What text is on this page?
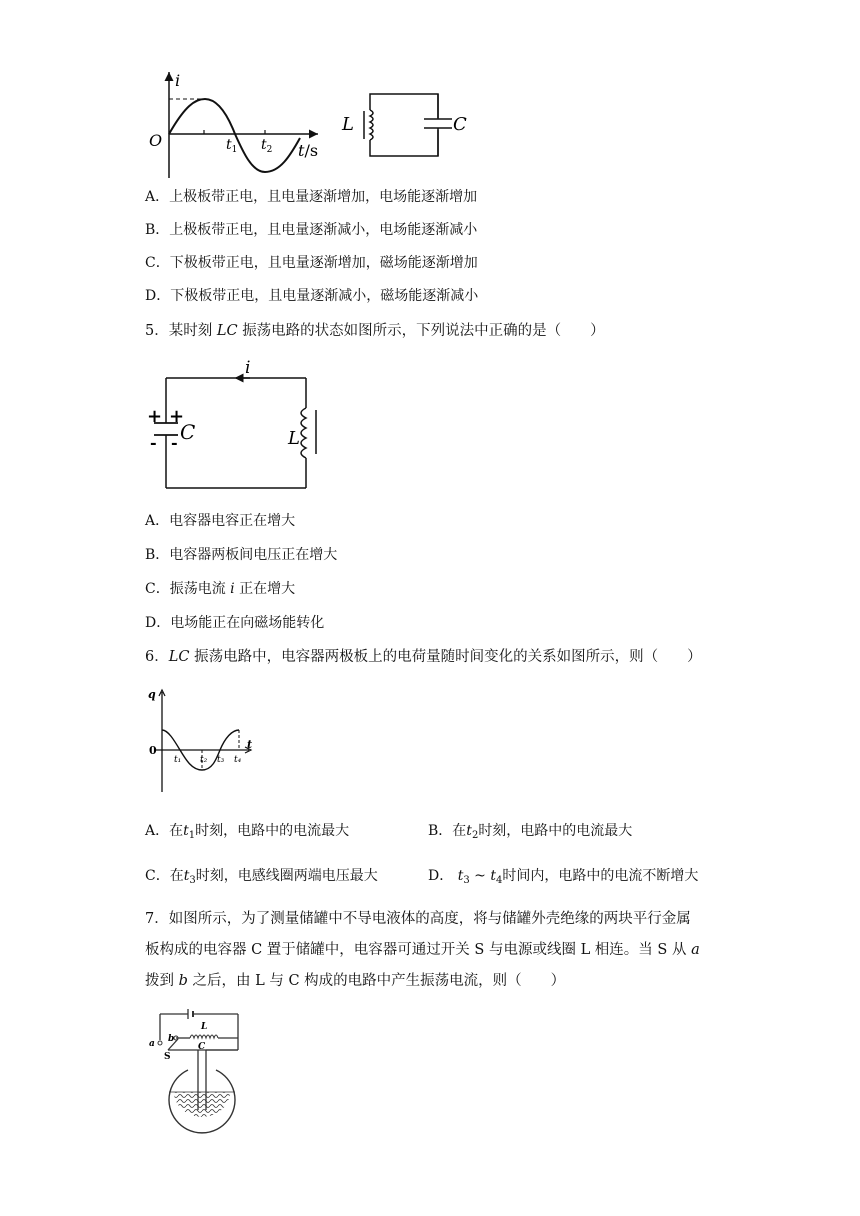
i
O	$t_1$ $t_2$ t/s
L	C
A．上极板带正电，且电量逐渐增加，电场能逐渐增加
B．上极板带正电，且电量逐渐减小，电场能逐渐减小
C．下极板带正电，且电量逐渐增加，磁场能逐渐增加
D．下极板带正电，且电量逐渐减小，磁场能逐渐减小
5．某时刻 LC 振荡电路的状态如图所示，下列说法中正确的是（　　）
i
+ +
- - C	L
A．电容器电容正在增大
B．电容器两板间电压正在增大
C．振荡电流 i 正在增大
D．电场能正在向磁场能转化
6．LC 振荡电路中，电容器两极板上的电荷量随时间变化的关系如图所示，则（　　）
q
0	t
t₁ t₂ t₃ t₄
A．在$t_1$时刻，电路中的电流最大	B．在$t_2$时刻，电路中的电流最大
C．在$t_3$时刻，电感线圈两端电压最大	D． $t_3$ ~ $t_4$时间内，电路中的电流不断增大
7．如图所示，为了测量储罐中不导电液体的高度，将与储罐外壳绝缘的两块平行金属
板构成的电容器 C 置于储罐中，电容器可通过开关 S 与电源或线圈 L 相连。当 S 从 a
拨到 b 之后，由 L 与 C 构成的电路中产生振荡电流，则（　　）
a b
L
C
S
